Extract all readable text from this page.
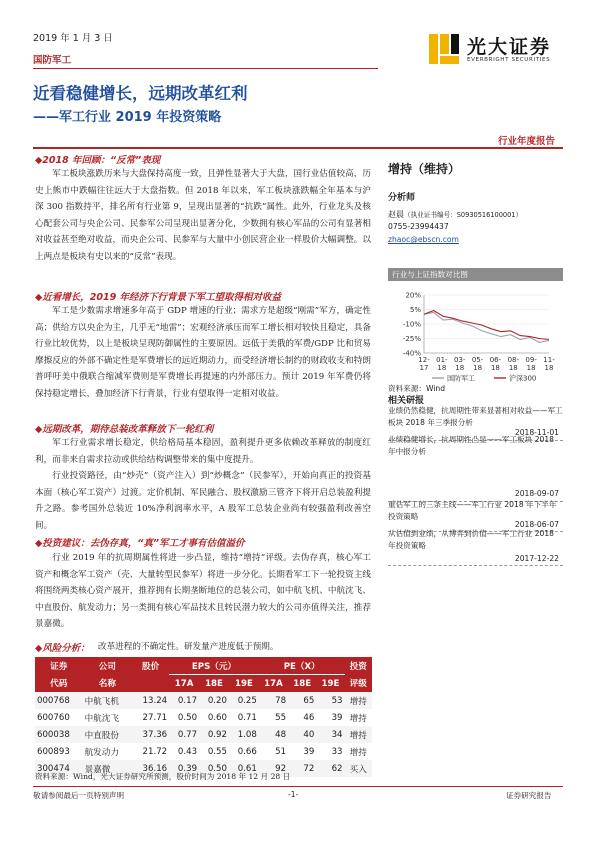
2019 年 1 月 3 日
国防军工
光大证券
EVERBRIGHT SECURITIES
近看稳健增长，远期改革红利
——军工行业 2019 年投资策略
行业年度报告
◆2018 年回顾：“反常”表现

军工板块涨跌历来与大盘保持高度一致，且弹性显著大于大盘，国行业估值较高，历史上熊市中跌幅往往远大于大盘指数。但 2018 年以来，军工板块涨跌幅全年基本与沪深 300 指数持平，排名所有行业第 9，呈现出显著的“抗跌”属性。此外，行业龙头及核心配套公司与央企公司、民参军公司呈现出显著分化，少数拥有核心军品的公司有显著相对收益甚至绝对收益，而央企公司、民参军与大量中小创民营企业一样股价大幅调整。以上两点是板块有史以来的“反常”表现。

◆近看增长，2019 年经济下行背景下军工望取得相对收益

军工是少数需求增速多年高于 GDP 增速的行业；需求方是超级“刚需”军方，确定性高；供给方以央企为主，几乎无“地雷”；宏观经济承压而军工增长相对较快且稳定，具备行业比较优势，以上是板块呈现防御属性的主要原因。远低于美俄的军费/GDP 比和贸易摩擦反应的外部不确定性是军费增长的远近期动力，而受经济增长制约的财政收支和特朗普呼吁美中俄联合缩减军费则是军费增长再提速的内外部压力。预计 2019 年军费仍将保持稳定增长，叠加经济下行背景，行业有望取得一定相对收益。

◆远期改革，期待总装改革释放下一轮红利

军工行业需求增长稳定，供给格局基本稳固，盈利提升更多依赖改革释放的制度红利，而非来自需求拉动或供给结构调整带来的集中度提升。

行业投资路径，由“炒壳”（资产注入）到“炒概念”（民参军），开始向真正的投资基本面（核心军工资产）过渡。定价机制、军民融合、股权激励三管齐下将开启总装盈利提升之路。参考国外总装近 10%净利润率水平，A 股军工总装企业尚有较强盈利改善空间。

◆投资建议：去伪存真，“真”军工才事有估值溢价

行业 2019 年的抗周期属性将进一步凸显，维持“增持”评级。去伪存真，核心军工资产和概念军工资产（壳、大量转型民参军）将进一步分化。长期看军工下一轮投资主线将围绕两类核心资产展开，推荐拥有长期垄断地位的总装公司，如中航飞机、中航沈飞、中直股份、航发动力；另一类拥有核心军品技术且转民潜力较大的公司亦值得关注，推荐景嘉微。

◆风险分析： 改革进程的不确定性。研发量产进度低于预期。
证券	公司	股价	EPS（元）			PE（X）			投资
代码	名称		17A	18E	19E	17A	18E	19E	评级
000768	中航飞机	13.24	0.17	0.20	0.25	78	65	53	增持
600760	中航沈飞	27.71	0.50	0.60	0.71	55	46	39	增持
600038	中直股份	37.36	0.77	0.92	1.08	48	40	34	增持
600893	航发动力	21.72	0.43	0.55	0.66	51	39	33	增持
300474	景嘉微	36.16	0.39	0.50	0.61	92	72	62	买入
资料来源：Wind，光大证券研究所预测，股价时间为 2018 年 12 月 28 日
增持（维持）
分析师
赵晨（执业证书编号：S0930516100001）
0755-23994437
zhaoc@ebscn.com
行业与上证指数对比图
20%
5%
-10%
-25%
-40%
12-
17
01-
18
03-
18
05-
18
06-
18
08-
18
09-
18
11-
18
国防军工	沪深300
资料来源：Wind
相关研报
业绩仍然稳健，抗周期性带来显著相对收益——军工板块 2018 年三季报分析
2018-11-01
业绩稳健增长，抗周期性凸显——军工板块 2018 年中报分析
2018-09-07
重估军工的三条主线——军工行业 2018 年下半年投资策略
2018-06-07
从估值到业绩，从博弈到价值——军工行业 2018 年投资策略
2017-12-22
敬请参阅最后一页特别声明	-1-	证券研究报告
